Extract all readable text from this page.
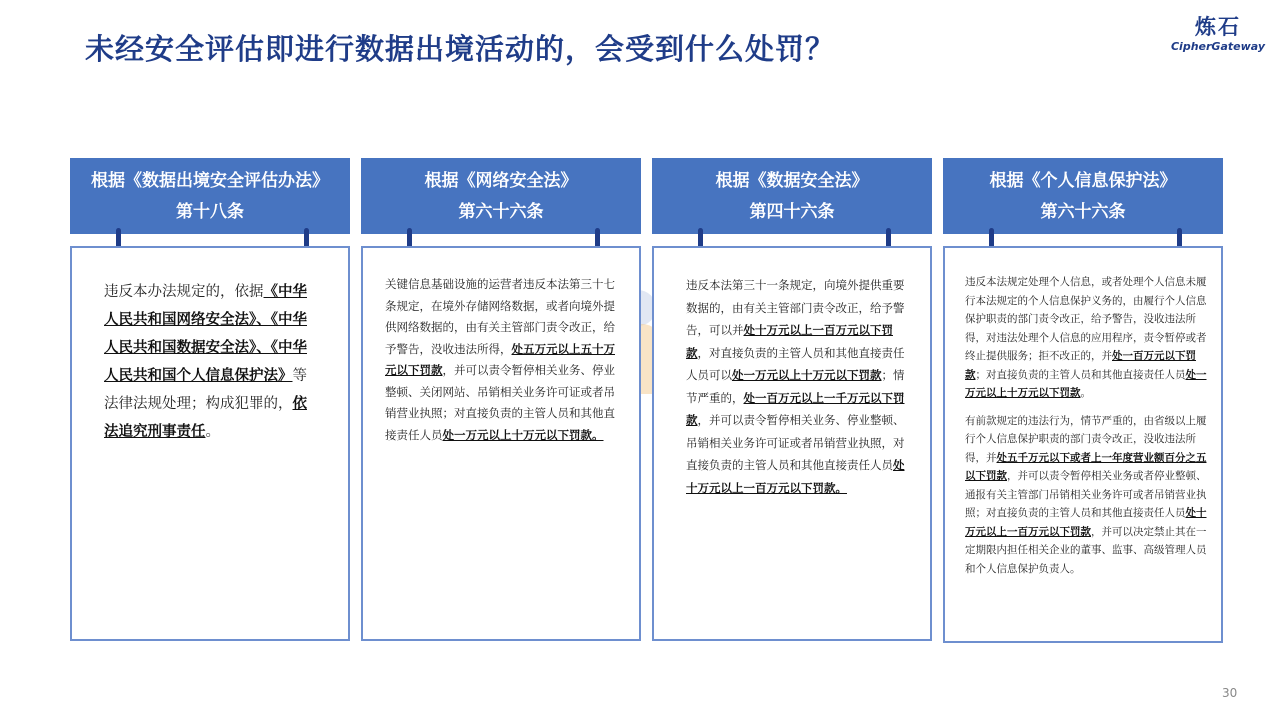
未经安全评估即进行数据出境活动的，会受到什么处罚？
炼石
CipherGateway
根据《数据出境安全评估办法》
第十八条
违反本办法规定的，依据《中华人民共和国网络安全法》、《中华人民共和国数据安全法》、《中华人民共和国个人信息保护法》等法律法规处理；构成犯罪的，依法追究刑事责任。
根据《网络安全法》
第六十六条
关键信息基础设施的运营者违反本法第三十七条规定，在境外存储网络数据，或者向境外提供网络数据的，由有关主管部门责令改正，给予警告，没收违法所得，处五万元以上五十万元以下罚款，并可以责令暂停相关业务、停业整顿、关闭网站、吊销相关业务许可证或者吊销营业执照；对直接负责的主管人员和其他直接责任人员处一万元以上十万元以下罚款。
根据《数据安全法》
第四十六条
违反本法第三十一条规定，向境外提供重要数据的，由有关主管部门责令改正，给予警告，可以并处十万元以上一百万元以下罚款，对直接负责的主管人员和其他直接责任人员可以处一万元以上十万元以下罚款；情节严重的，处一百万元以上一千万元以下罚款，并可以责令暂停相关业务、停业整顿、吊销相关业务许可证或者吊销营业执照，对直接负责的主管人员和其他直接责任人员处十万元以上一百万元以下罚款。
根据《个人信息保护法》
第六十六条
违反本法规定处理个人信息，或者处理个人信息未履行本法规定的个人信息保护义务的，由履行个人信息保护职责的部门责令改正，给予警告，没收违法所得，对违法处理个人信息的应用程序，责令暂停或者终止提供服务；拒不改正的，并处一百万元以下罚款；对直接负责的主管人员和其他直接责任人员处一万元以上十万元以下罚款。
有前款规定的违法行为，情节严重的，由省级以上履行个人信息保护职责的部门责令改正，没收违法所得，并处五千万元以下或者上一年度营业额百分之五以下罚款，并可以责令暂停相关业务或者停业整顿、通报有关主管部门吊销相关业务许可或者吊销营业执照；对直接负责的主管人员和其他直接责任人员处十万元以上一百万元以下罚款，并可以决定禁止其在一定期限内担任相关企业的董事、监事、高级管理人员和个人信息保护负责人。
30
